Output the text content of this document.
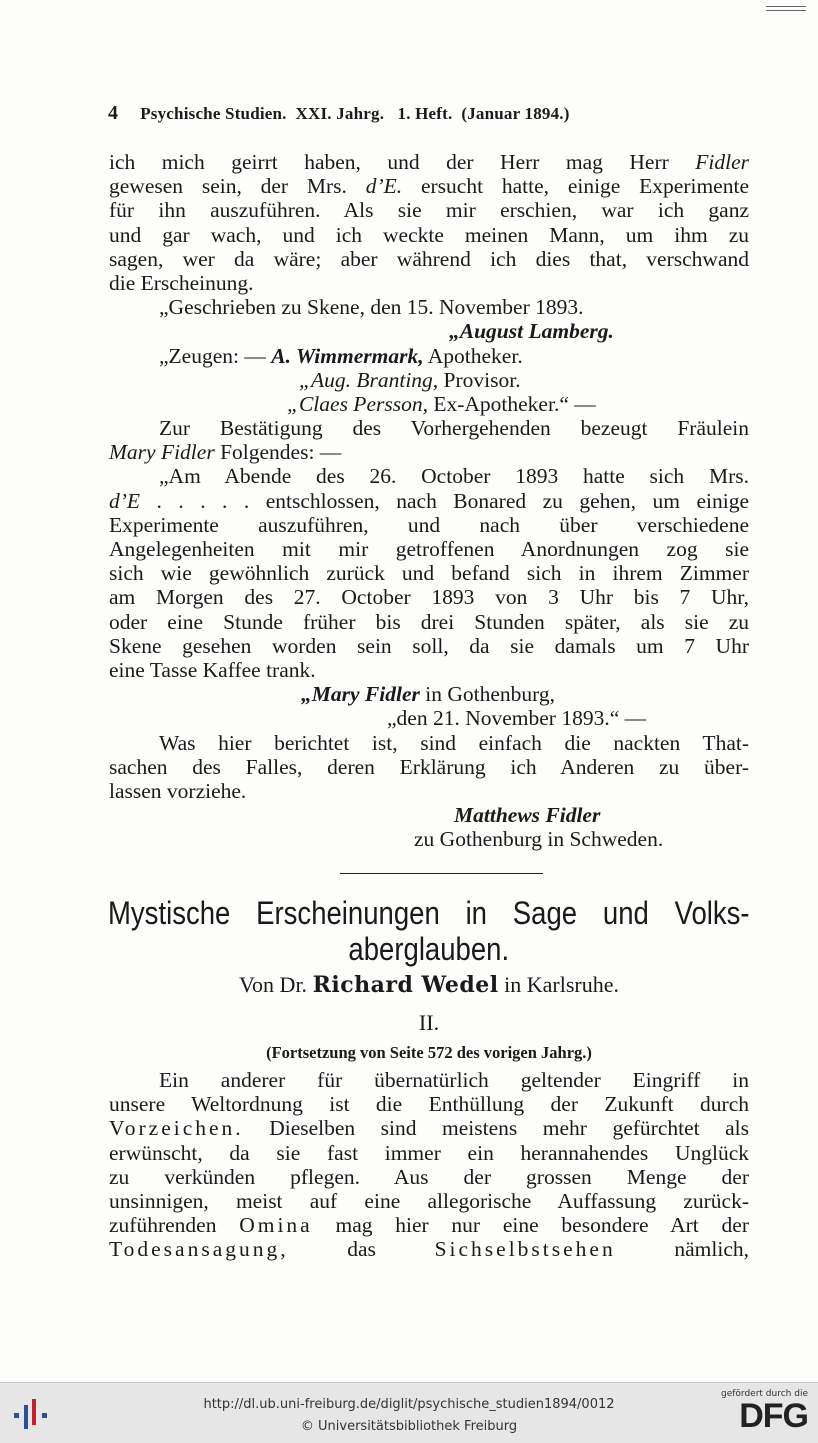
4 Psychische Studien.  XXI. Jahrg.   1. Heft.  (Januar 1894.)
ich mich geirrt haben, und der Herr mag Herr Fidler
gewesen sein, der Mrs. d’E. ersucht hatte, einige Experimente
für ihn auszuführen. Als sie mir erschien, war ich ganz
und gar wach, und ich weckte meinen Mann, um ihm zu
sagen, wer da wäre; aber während ich dies that, verschwand
die Erscheinung.
„Geschrieben zu Skene, den 15. November 1893.
„August Lamberg.
„Zeugen: — A. Wimmermark, Apotheker.
„Aug. Branting, Provisor.
„Claes Persson, Ex-Apotheker.“ —
Zur Bestätigung des Vorhergehenden bezeugt Fräulein
Mary Fidler Folgendes: —
„Am Abende des 26. October 1893 hatte sich Mrs.
d’E . . . . . entschlossen, nach Bonared zu gehen, um einige
Experimente auszuführen, und nach über verschiedene
Angelegenheiten mit mir getroffenen Anordnungen zog sie
sich wie gewöhnlich zurück und befand sich in ihrem Zimmer
am Morgen des 27. October 1893 von 3 Uhr bis 7 Uhr,
oder eine Stunde früher bis drei Stunden später, als sie zu
Skene gesehen worden sein soll, da sie damals um 7 Uhr
eine Tasse Kaffee trank.
„Mary Fidler in Gothenburg,
„den 21. November 1893.“ —
Was hier berichtet ist, sind einfach die nackten That-
sachen des Falles, deren Erklärung ich Anderen zu über-
lassen vorziehe.
Matthews Fidler
zu Gothenburg in Schweden.
Mystische Erscheinungen in Sage und Volks-
aberglauben.
Von Dr. Richard Wedel in Karlsruhe.
II.
(Fortsetzung von Seite 572 des vorigen Jahrg.)
Ein anderer für übernatürlich geltender Eingriff in
unsere Weltordnung ist die Enthüllung der Zukunft durch
Vorzeichen. Dieselben sind meistens mehr gefürchtet als
erwünscht, da sie fast immer ein herannahendes Unglück
zu verkünden pflegen. Aus der grossen Menge der
unsinnigen, meist auf eine allegorische Auffassung zurück-
zuführenden Omina mag hier nur eine besondere Art der
Todesansagung, das Sichselbstsehen nämlich,
http://dl.ub.uni-freiburg.de/diglit/psychische_studien1894/0012
© Universitätsbibliothek Freiburg
gefördert durch die
DFG
